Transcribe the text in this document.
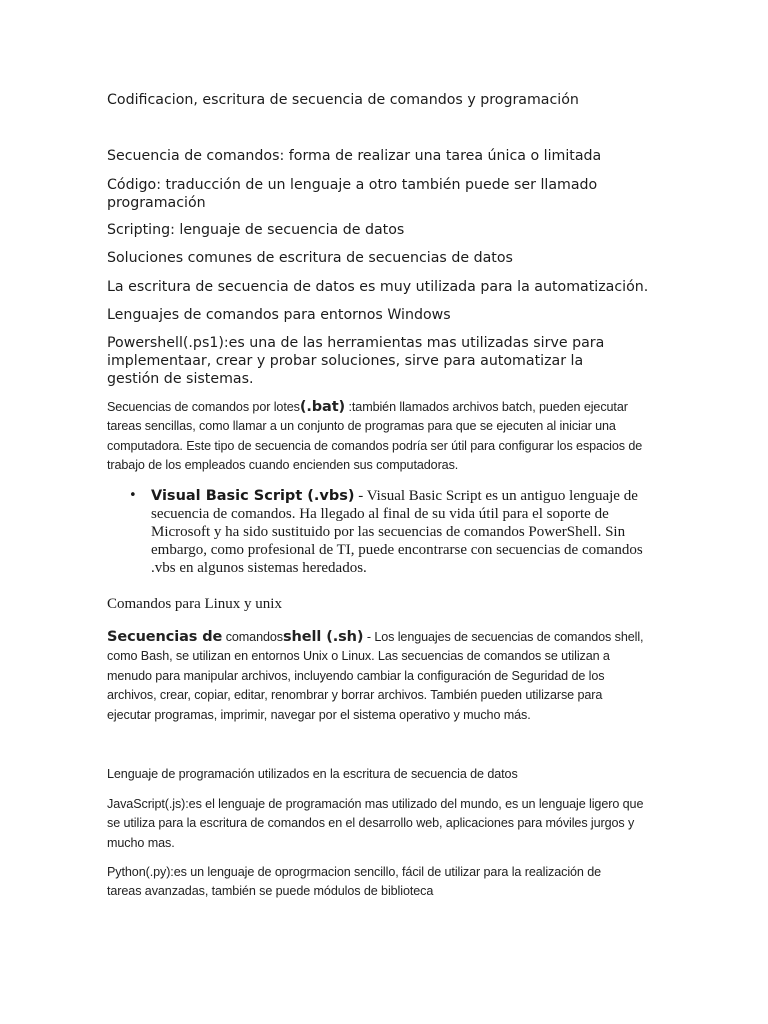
Codificacion, escritura de secuencia de comandos y programación

Secuencia de comandos: forma de realizar una tarea única o limitada

Código: traducción de un lenguaje a otro también puede ser llamado programación

Scripting: lenguaje de secuencia de datos

Soluciones comunes de escritura de secuencias de datos

La escritura de secuencia de datos es muy utilizada para la automatización.

Lenguajes de comandos para entornos Windows

Powershell(.ps1):es una de las herramientas mas utilizadas sirve para implementaar, crear y probar soluciones, sirve para automatizar la gestión de sistemas.

Secuencias de comandos por lotes(.bat) :también llamados archivos batch, pueden ejecutar tareas sencillas, como llamar a un conjunto de programas para que se ejecuten al iniciar una computadora. Este tipo de secuencia de comandos podría ser útil para configurar los espacios de trabajo de los empleados cuando encienden sus computadoras.

• Visual Basic Script (.vbs) - Visual Basic Script es un antiguo lenguaje de secuencia de comandos. Ha llegado al final de su vida útil para el soporte de Microsoft y ha sido sustituido por las secuencias de comandos PowerShell. Sin embargo, como profesional de TI, puede encontrarse con secuencias de comandos .vbs en algunos sistemas heredados.

Comandos para Linux y unix

Secuencias de comandosshell (.sh) - Los lenguajes de secuencias de comandos shell, como Bash, se utilizan en entornos Unix o Linux. Las secuencias de comandos se utilizan a menudo para manipular archivos, incluyendo cambiar la configuración de Seguridad de los archivos, crear, copiar, editar, renombrar y borrar archivos. También pueden utilizarse para ejecutar programas, imprimir, navegar por el sistema operativo y mucho más.

Lenguaje de programación utilizados en la escritura de secuencia de datos

JavaScript(.js):es el lenguaje de programación mas utilizado del mundo, es un lenguaje ligero que se utiliza para la escritura de comandos en el desarrollo web, aplicaciones para móviles jurgos y mucho mas.

Python(.py):es un lenguaje de oprogrmacion sencillo, fácil de utilizar para la realización de tareas avanzadas, también se puede módulos de biblioteca
